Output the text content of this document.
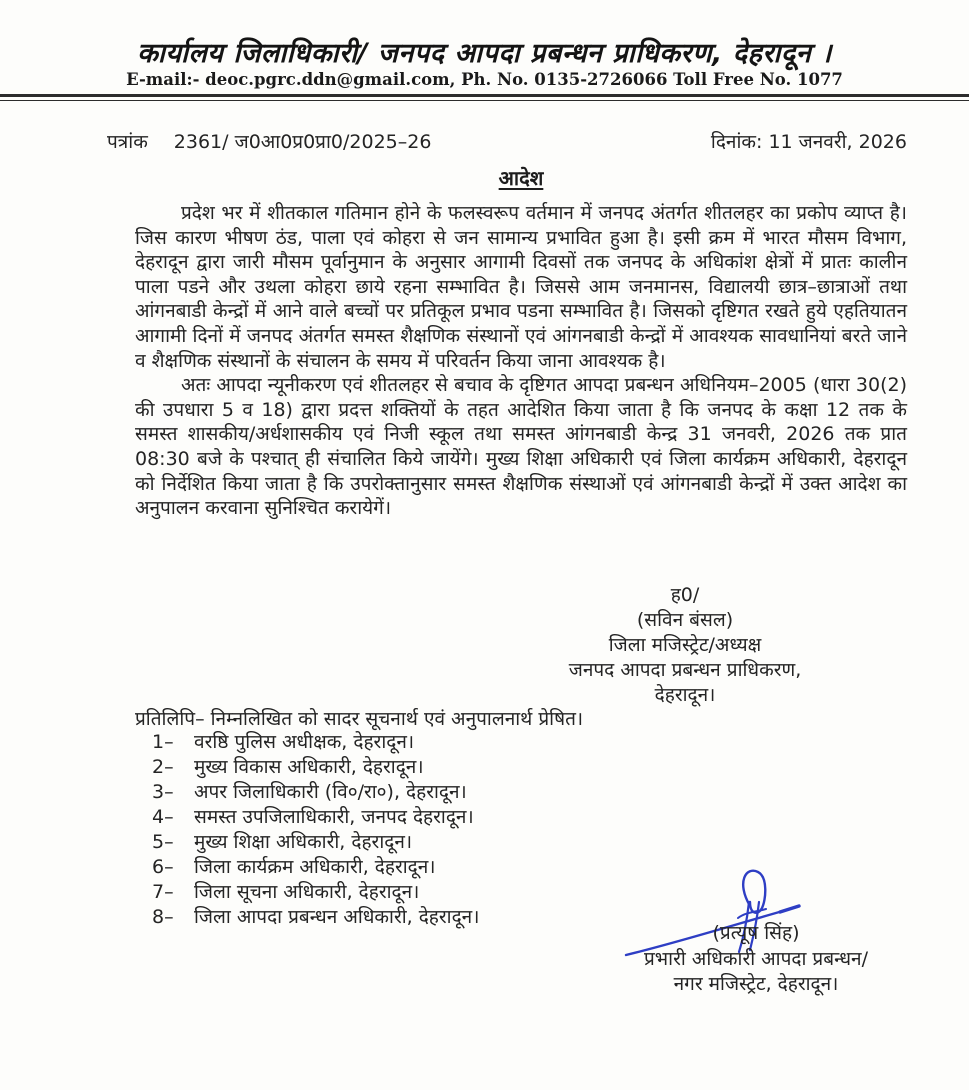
कार्यालय जिलाधिकारी/ जनपद आपदा प्रबन्धन प्राधिकरण, देहरादून ।
E-mail:- deoc.pgrc.ddn@gmail.com, Ph. No. 0135-2726066 Toll Free No. 1077
पत्रांक 2361/ ज0आ0प्र0प्रा0/2025–26	दिनांक: 11 जनवरी, 2026
आदेश

प्रदेश भर में शीतकाल गतिमान होने के फलस्वरूप वर्तमान में जनपद अंतर्गत शीतलहर का प्रकोप व्याप्त है। जिस कारण भीषण ठंड, पाला एवं कोहरा से जन सामान्य प्रभावित हुआ है। इसी क्रम में भारत मौसम विभाग, देहरादून द्वारा जारी मौसम पूर्वानुमान के अनुसार आगामी दिवसों तक जनपद के अधिकांश क्षेत्रों में प्रातः कालीन पाला पडने और उथला कोहरा छाये रहना सम्भावित है। जिससे आम जनमानस, विद्यालयी छात्र–छात्राओं तथा आंगनबाडी केन्द्रों में आने वाले बच्चों पर प्रतिकूल प्रभाव पडना सम्भावित है। जिसको दृष्टिगत रखते हुये एहतियातन आगामी दिनों में जनपद अंतर्गत समस्त शैक्षणिक संस्थानों एवं आंगनबाडी केन्द्रों में आवश्यक सावधानियां बरते जाने व शैक्षणिक संस्थानों के संचालन के समय में परिवर्तन किया जाना आवश्यक है।

अतः आपदा न्यूनीकरण एवं शीतलहर से बचाव के दृष्टिगत आपदा प्रबन्धन अधिनियम–2005 (धारा 30(2) की उपधारा 5 व 18) द्वारा प्रदत्त शक्तियों के तहत आदेशित किया जाता है कि जनपद के कक्षा 12 तक के समस्त शासकीय/अर्धशासकीय एवं निजी स्कूल तथा समस्त आंगनबाडी केन्द्र 31 जनवरी, 2026 तक प्रात 08:30 बजे के पश्चात् ही संचालित किये जायेंगे। मुख्य शिक्षा अधिकारी एवं जिला कार्यक्रम अधिकारी, देहरादून को निर्देशित किया जाता है कि उपरोक्तानुसार समस्त शैक्षणिक संस्थाओं एवं आंगनबाडी केन्द्रों में उक्त आदेश का अनुपालन करवाना सुनिश्चित करायेगें।

ह0/
(सविन बंसल)
जिला मजिस्ट्रेट/अध्यक्ष
जनपद आपदा प्रबन्धन प्राधिकरण,
देहरादून।
प्रतिलिपि– निम्नलिखित को सादर सूचनार्थ एवं अनुपालनार्थ प्रेषित।
1–	वरष्ठि पुलिस अधीक्षक, देहरादून।
2–	मुख्य विकास अधिकारी, देहरादून।
3–	अपर जिलाधिकारी (वि०/रा०), देहरादून।
4–	समस्त उपजिलाधिकारी, जनपद देहरादून।
5–	मुख्य शिक्षा अधिकारी, देहरादून।
6–	जिला कार्यक्रम अधिकारी, देहरादून।
7–	जिला सूचना अधिकारी, देहरादून।
8–	जिला आपदा प्रबन्धन अधिकारी, देहरादून।
(प्रत्यूष सिंह)
प्रभारी अधिकारी आपदा प्रबन्धन/
नगर मजिस्ट्रेट, देहरादून।
